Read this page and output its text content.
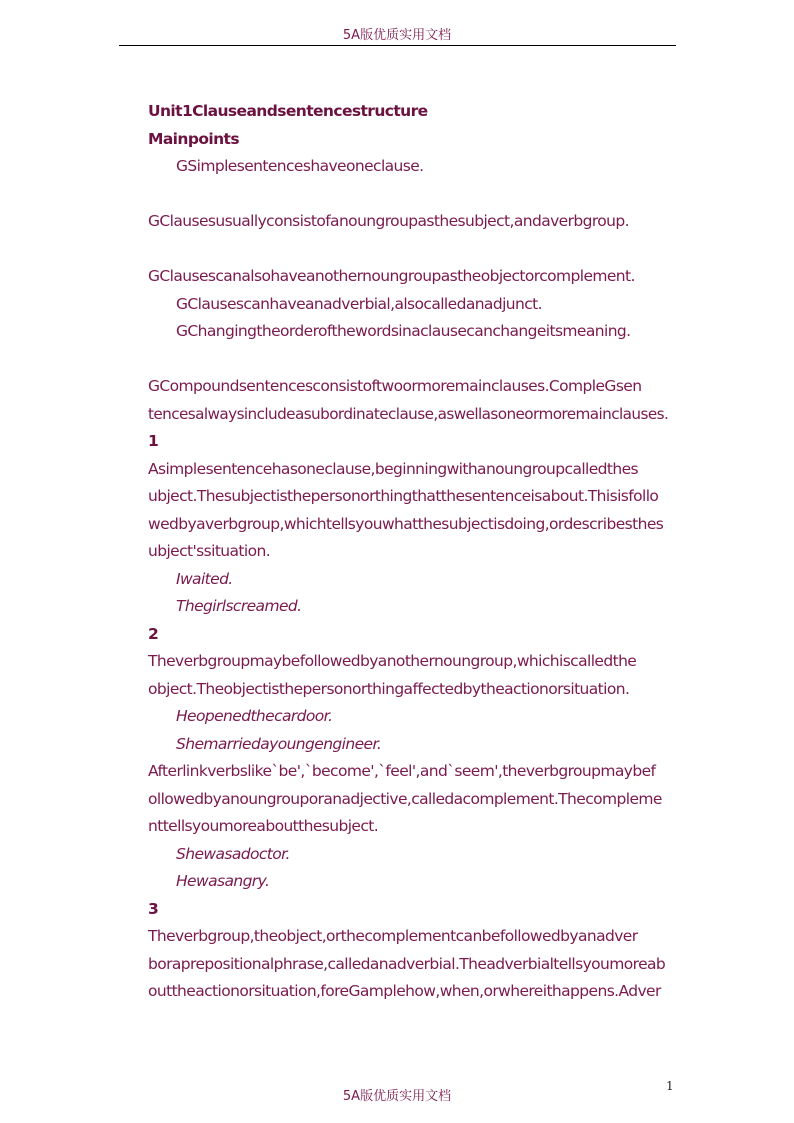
5A版优质实用文档
Unit1Clauseandsentencestructure
Mainpoints
GSimplesentenceshaveoneclause.
GClausesusuallyconsistofanoungroupasthesubject,andaverbgroup.
GClausescanalsohaveanothernoungroupastheobjectorcomplement.
GClausescanhaveanadverbial,alsocalledanadjunct.
GChangingtheorderofthewordsinaclausecanchangeitsmeaning.
GCompoundsentencesconsistoftwoormoremainclauses.ComplеGsen
tencesalwaysincludeasubordinateclause,aswellasoneormoremainclauses.
1
Asimplesentencehasoneclause,beginningwithanoungroupcalledthes
ubject.Thesubjectisthepersonorthingthatthesentenceisabout.Thisisfollo
wedbyaverbgroup,whichtellsyouwhatthesubjectisdoing,ordescribesthes
ubject'ssituation.
Iwaited.
Thegirlscreamed.
2
Theverbgroupmaybefollowedbyanothernoungroup,whichiscalledthe
object.Theobjectisthepersonorthingaffectedbytheactionorsituation.
Heopenedthecardoor.
Shemarriedayoungengineer.
Afterlinkverbslike`be',`become',`feel',and`seem',theverbgroupmaybef
ollowedbyanoungrouporanadjective,calledacomplement.Thecompleme
nttellsyoumoreaboutthesubject.
Shewasadoctor.
Hewasangry.
3
Theverbgroup,theobject,orthecomplementcanbefollowedbyanadver
boraprepositionalphrase,calledanadverbial.Theadverbialtellsyoumoreab
outtheactionorsituation,foreGamplehow,when,orwhereithappens.Adver
5A版优质实用文档
1
